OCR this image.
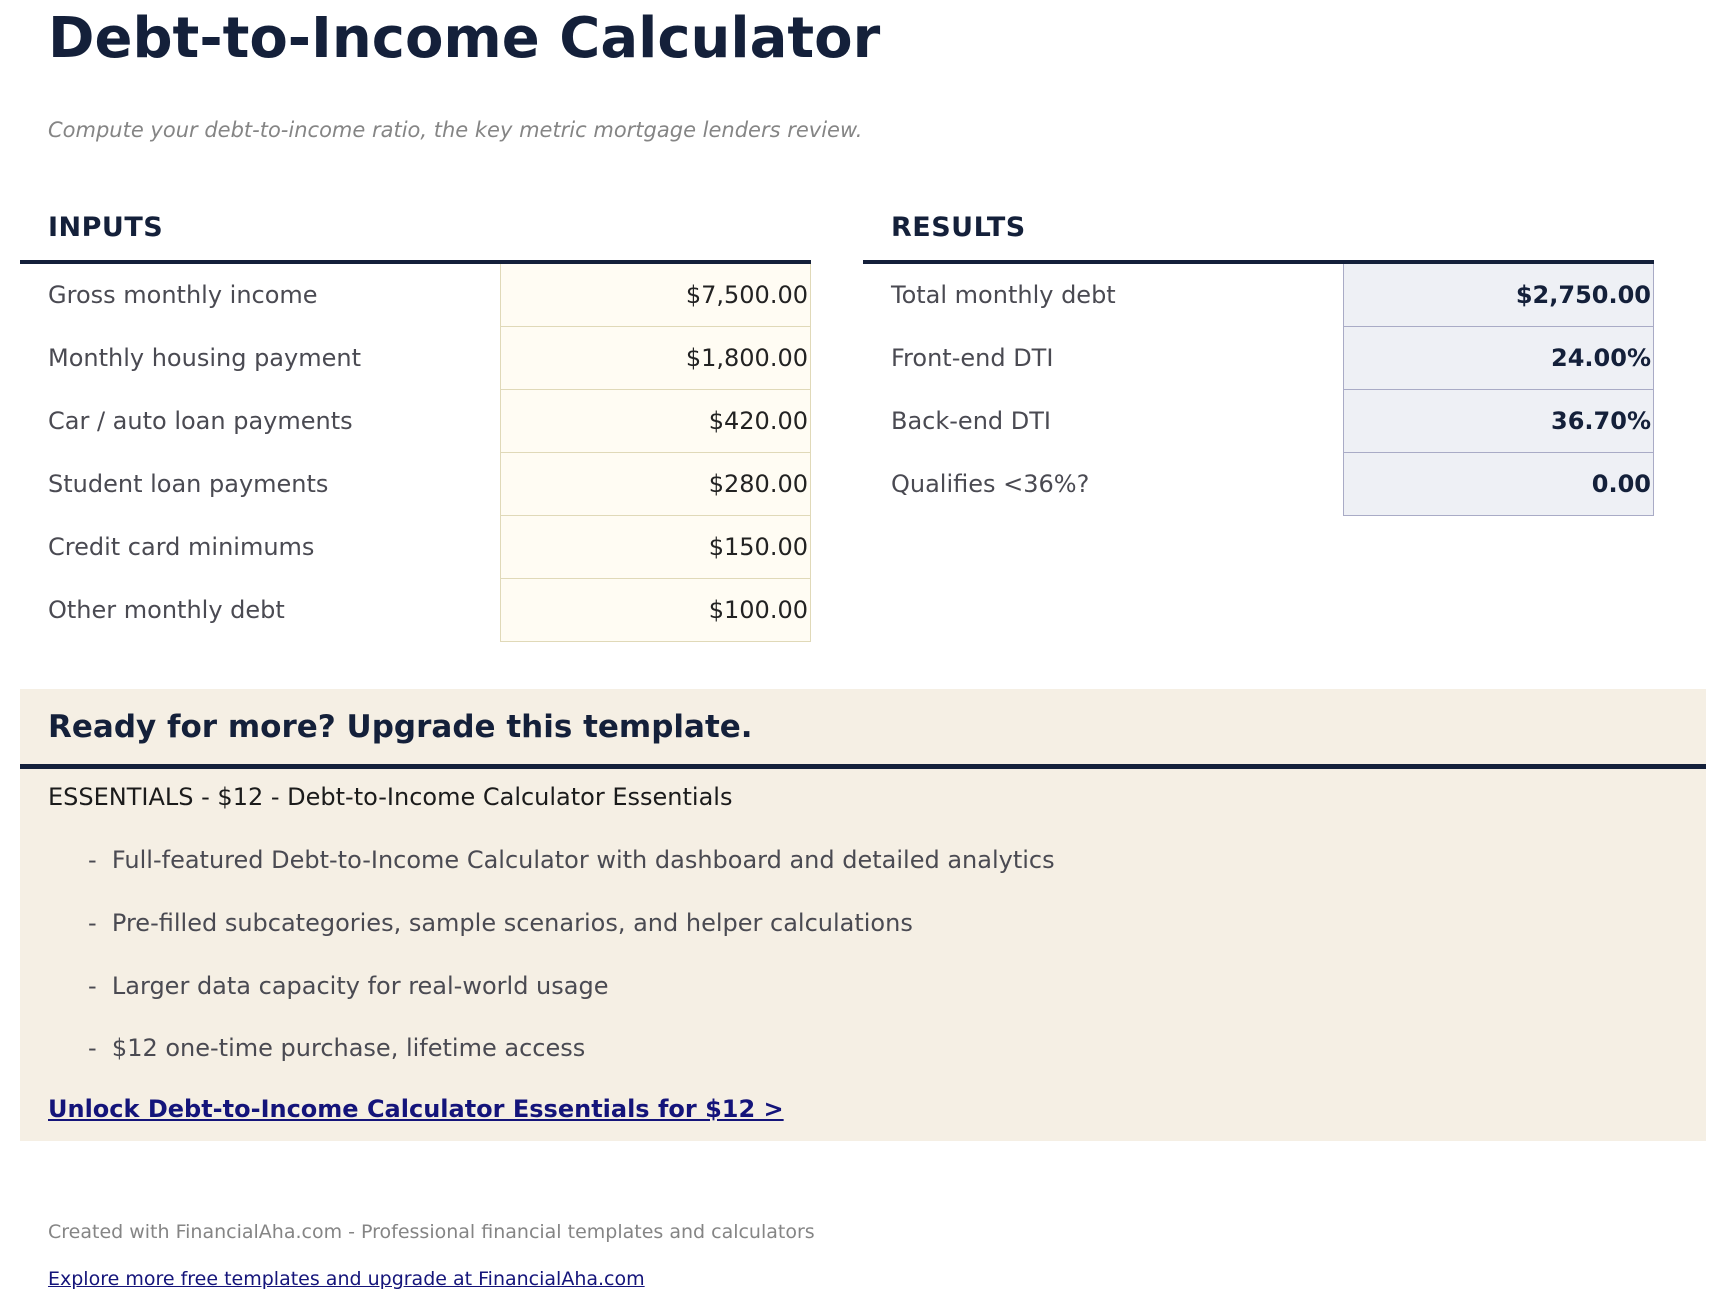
Debt-to-Income Calculator
Compute your debt-to-income ratio, the key metric mortgage lenders review.
INPUTS
Gross monthly income	$7,500.00
Monthly housing payment	$1,800.00
Car / auto loan payments	$420.00
Student loan payments	$280.00
Credit card minimums	$150.00
Other monthly debt	$100.00
RESULTS
Total monthly debt	$2,750.00
Front-end DTI	24.00%
Back-end DTI	36.70%
Qualifies <36%?	0.00
Ready for more? Upgrade this template.
ESSENTIALS - $12 - Debt-to-Income Calculator Essentials
-  Full-featured Debt-to-Income Calculator with dashboard and detailed analytics
-  Pre-filled subcategories, sample scenarios, and helper calculations
-  Larger data capacity for real-world usage
-  $12 one-time purchase, lifetime access
Unlock Debt-to-Income Calculator Essentials for $12 >
Created with FinancialAha.com - Professional financial templates and calculators
Explore more free templates and upgrade at FinancialAha.com
